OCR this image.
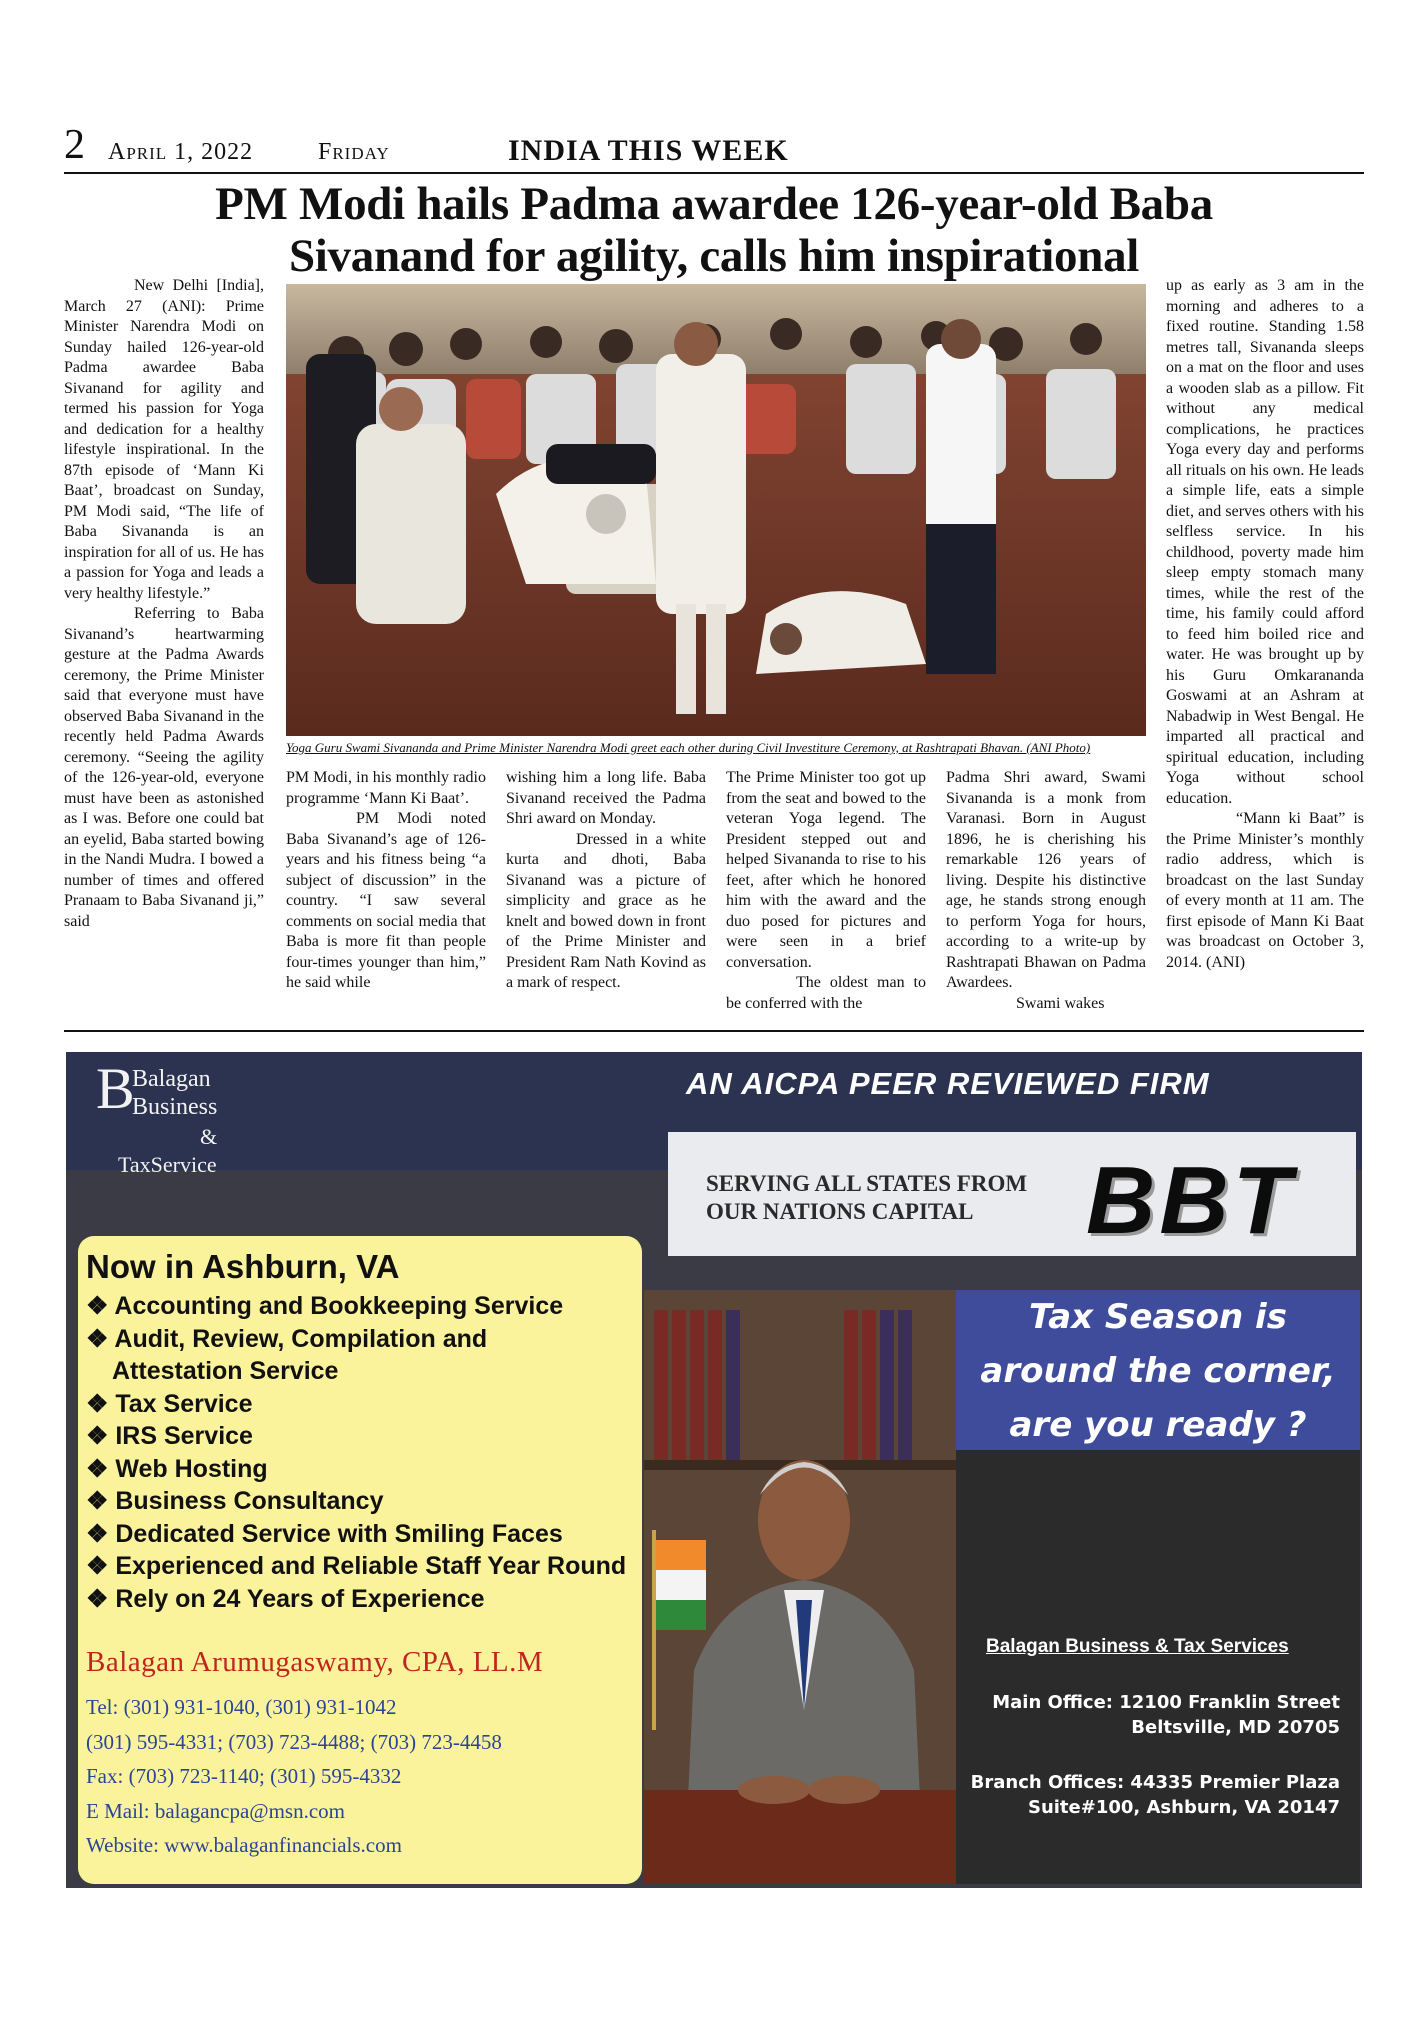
2 April 1, 2022	Friday	INDIA THIS WEEK
PM Modi hails Padma awardee 126-year-old Baba
Sivanand for agility, calls him inspirational

New Delhi [India], March 27 (ANI): Prime Minister Narendra Modi on Sunday hailed 126-year-old Padma awardee Baba Sivanand for agility and termed his passion for Yoga and dedication for a healthy lifestyle inspirational. In the 87th episode of ‘Mann Ki Baat’, broadcast on Sunday, PM Modi said, “The life of Baba Sivananda is an inspiration for all of us. He has a passion for Yoga and leads a very healthy lifestyle.”

Referring to Baba Sivanand’s heartwarming gesture at the Padma Awards ceremony, the Prime Minister said that everyone must have observed Baba Sivanand in the recently held Padma Awards ceremony. “Seeing the agility of the 126-year-old, everyone must have been as astonished as I was. Before one could bat an eyelid, Baba started bowing in the Nandi Mudra. I bowed a number of times and offered Pranaam to Baba Sivanand ji,” said

Yoga Guru Swami Sivananda and Prime Minister Narendra Modi greet each other during Civil Investiture Ceremony, at Rashtrapati Bhavan. (ANI Photo)

PM Modi, in his monthly radio programme ‘Mann Ki Baat’.

PM Modi noted Baba Sivanand’s age of 126-years and his fitness being “a subject of discussion” in the country. “I saw several comments on social media that Baba is more fit than people four-times younger than him,” he said while

wishing him a long life. Baba Sivanand received the Padma Shri award on Monday.

Dressed in a white kurta and dhoti, Baba Sivanand was a picture of simplicity and grace as he knelt and bowed down in front of the Prime Minister and President Ram Nath Kovind as a mark of respect.

The Prime Minister too got up from the seat and bowed to the veteran Yoga legend. The President stepped out and helped Sivananda to rise to his feet, after which he honored him with the award and the duo posed for pictures and were seen in a brief conversation.

The oldest man to be conferred with the

Padma Shri award, Swami Sivananda is a monk from Varanasi. Born in August 1896, he is cherishing his remarkable 126 years of living. Despite his distinctive age, he stands strong enough to perform Yoga for hours, according to a write-up by Rashtrapati Bhawan on Padma Awardees.

Swami wakes

up as early as 3 am in the morning and adheres to a fixed routine. Standing 1.58 metres tall, Sivananda sleeps on a mat on the floor and uses a wooden slab as a pillow. Fit without any medical complications, he practices Yoga every day and performs all rituals on his own. He leads a simple life, eats a simple diet, and serves others with his selfless service. In his childhood, poverty made him sleep empty stomach many times, while the rest of the time, his family could afford to feed him boiled rice and water. He was brought up by his Guru Omkarananda Goswami at an Ashram at Nabadwip in West Bengal. He imparted all practical and spiritual education, including Yoga without school education.

“Mann ki Baat” is the Prime Minister’s monthly radio address, which is broadcast on the last Sunday of every month at 11 am. The first episode of Mann Ki Baat was broadcast on October 3, 2014. (ANI)

B
Balagan
Business
&
TaxService
AN AICPA PEER REVIEWED FIRM
SERVING ALL STATES FROM
OUR NATIONS CAPITAL	BBT
Now in Ashburn, VA
❖ Accounting and Bookkeeping Service
❖ Audit, Review, Compilation and
Attestation Service
❖ Tax Service
❖ IRS Service
❖ Web Hosting
❖ Business Consultancy
❖ Dedicated Service with Smiling Faces
❖ Experienced and Reliable Staff Year Round
❖ Rely on 24 Years of Experience
Balagan Arumugaswamy, CPA, LL.M
Tel: (301) 931-1040, (301) 931-1042
(301) 595-4331; (703) 723-4488; (703) 723-4458
Fax: (703) 723-1140; (301) 595-4332
E Mail: balagancpa@msn.com
Website: www.balaganfinancials.com
Tax Season is
around the corner,
are you ready ?
Balagan Business & Tax Services
Main Office: 12100 Franklin Street
Beltsville, MD 20705
Branch Offices: 44335 Premier Plaza
Suite#100, Ashburn, VA 20147
